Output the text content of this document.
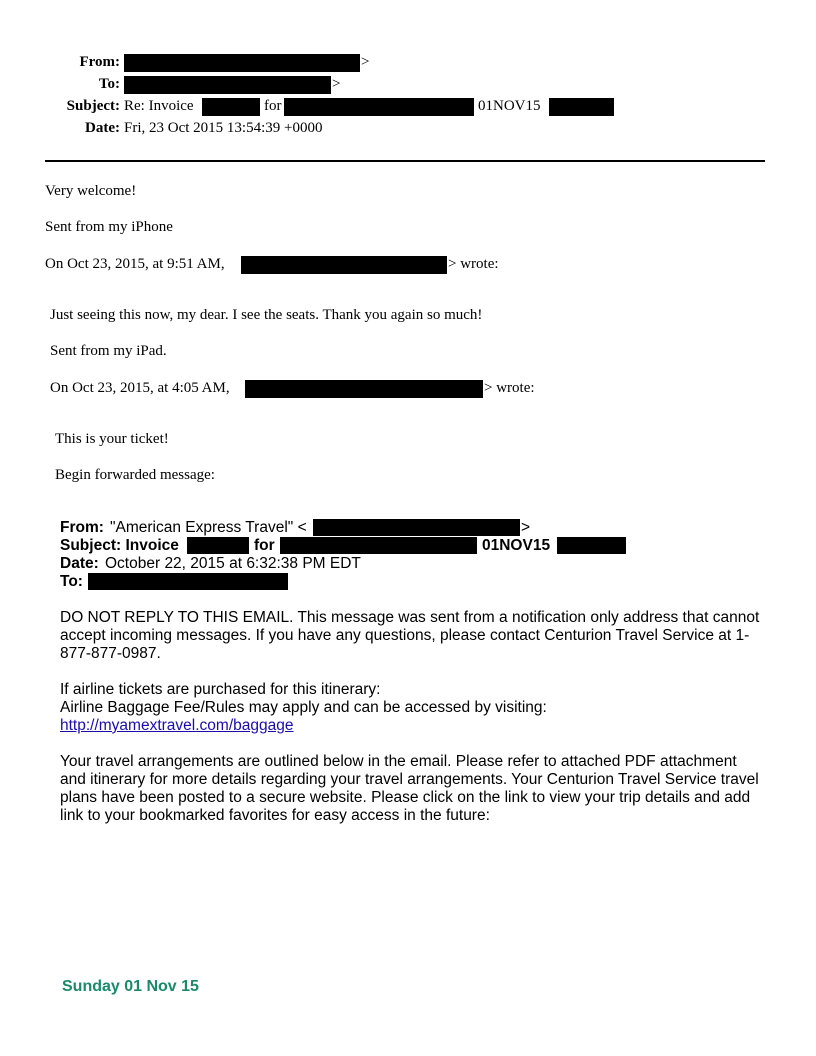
From:	>
To:	>
Subject: Re: Invoice	for	01NOV15
Date: Fri, 23 Oct 2015 13:54:39 +0000
Very welcome!
Sent from my iPhone
On Oct 23, 2015, at 9:51 AM,	> wrote:
Just seeing this now, my dear. I see the seats. Thank you again so much!
Sent from my iPad.
On Oct 23, 2015, at 4:05 AM,	> wrote:
This is your ticket!
Begin forwarded message:
From: "American Express Travel" <	>
Subject: Invoice	for	01NOV15
Date: October 22, 2015 at 6:32:38 PM EDT
To:
DO NOT REPLY TO THIS EMAIL. This message was sent from a notification only address that cannot accept incoming messages. If you have any questions, please contact Centurion Travel Service at 1-877-877-0987.
If airline tickets are purchased for this itinerary:
Airline Baggage Fee/Rules may apply and can be accessed by visiting:
http://myamextravel.com/baggage
Your travel arrangements are outlined below in the email. Please refer to attached PDF attachment and itinerary for more details regarding your travel arrangements. Your Centurion Travel Service travel plans have been posted to a secure website. Please click on the link to view your trip details and add link to your bookmarked favorites for easy access in the future:
Sunday 01 Nov 15
